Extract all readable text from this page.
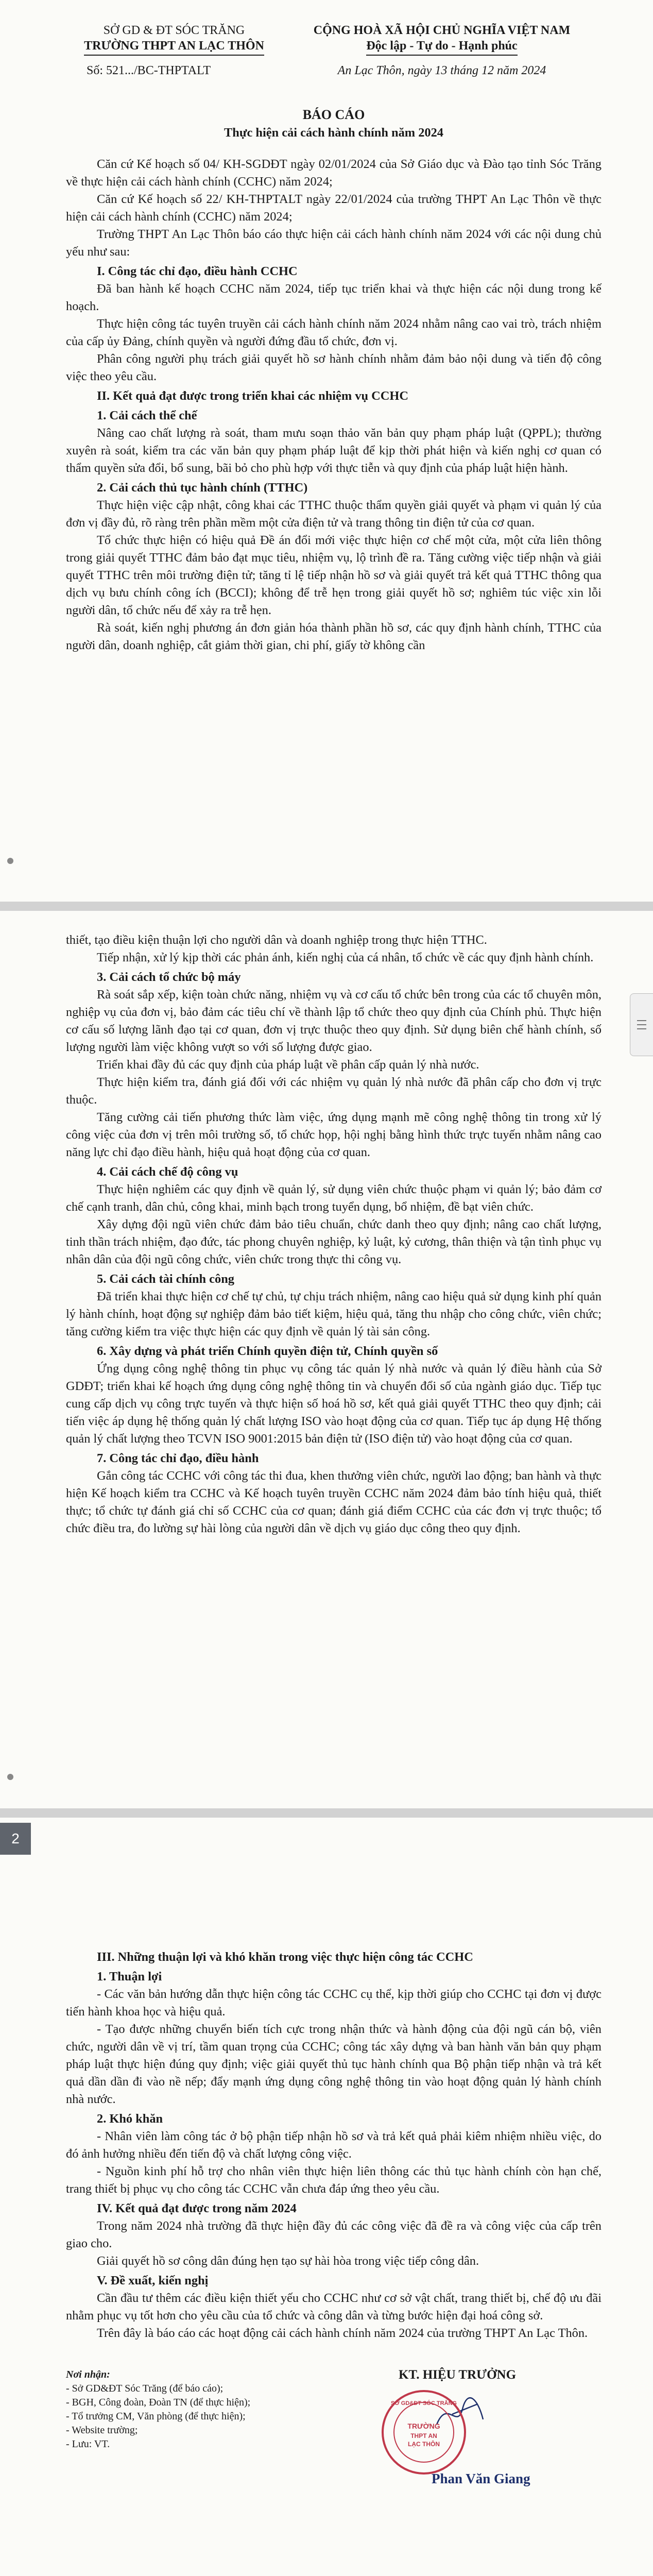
SỞ GD & ĐT SÓC TRĂNG
TRƯỜNG THPT AN LẠC THÔN
Số: 521.../BC-THPTALT
CỘNG HOÀ XÃ HỘI CHỦ NGHĨA VIỆT NAM
Độc lập - Tự do - Hạnh phúc
An Lạc Thôn, ngày 13 tháng 12 năm 2024
BÁO CÁO
Thực hiện cải cách hành chính năm 2024
Căn cứ Kế hoạch số 04/ KH-SGDĐT ngày 02/01/2024 của Sở Giáo dục và Đào tạo tỉnh Sóc Trăng về thực hiện cải cách hành chính (CCHC) năm 2024;
Căn cứ Kế hoạch số 22/ KH-THPTALT ngày 22/01/2024 của trường THPT An Lạc Thôn về thực hiện cải cách hành chính (CCHC) năm 2024;
Trường THPT An Lạc Thôn báo cáo thực hiện cải cách hành chính năm 2024 với các nội dung chủ yếu như sau:
I. Công tác chỉ đạo, điều hành CCHC
Đã ban hành kế hoạch CCHC năm 2024, tiếp tục triển khai và thực hiện các nội dung trong kế hoạch.
Thực hiện công tác tuyên truyền cải cách hành chính năm 2024 nhằm nâng cao vai trò, trách nhiệm của cấp ủy Đảng, chính quyền và người đứng đầu tổ chức, đơn vị.
Phân công người phụ trách giải quyết hồ sơ hành chính nhằm đảm bảo nội dung và tiến độ công việc theo yêu cầu.
II. Kết quả đạt được trong triển khai các nhiệm vụ CCHC
1. Cải cách thể chế
Nâng cao chất lượng rà soát, tham mưu soạn thảo văn bản quy phạm pháp luật (QPPL); thường xuyên rà soát, kiểm tra các văn bản quy phạm pháp luật để kịp thời phát hiện và kiến nghị cơ quan có thẩm quyền sửa đổi, bổ sung, bãi bỏ cho phù hợp với thực tiễn và quy định của pháp luật hiện hành.
2. Cải cách thủ tục hành chính (TTHC)
Thực hiện việc cập nhật, công khai các TTHC thuộc thẩm quyền giải quyết và phạm vi quản lý của đơn vị đầy đủ, rõ ràng trên phần mềm một cửa điện tử và trang thông tin điện tử của cơ quan.
Tổ chức thực hiện có hiệu quả Đề án đổi mới việc thực hiện cơ chế một cửa, một cửa liên thông trong giải quyết TTHC đảm bảo đạt mục tiêu, nhiệm vụ, lộ trình đề ra. Tăng cường việc tiếp nhận và giải quyết TTHC trên môi trường điện tử; tăng tỉ lệ tiếp nhận hồ sơ và giải quyết trả kết quả TTHC thông qua dịch vụ bưu chính công ích (BCCI); không để trễ hẹn trong giải quyết hồ sơ; nghiêm túc việc xin lỗi người dân, tổ chức nếu để xảy ra trễ hẹn.
Rà soát, kiến nghị phương án đơn giản hóa thành phần hồ sơ, các quy định hành chính, TTHC của người dân, doanh nghiệp, cắt giảm thời gian, chi phí, giấy tờ không cần
thiết, tạo điều kiện thuận lợi cho người dân và doanh nghiệp trong thực hiện TTHC.
Tiếp nhận, xử lý kịp thời các phản ánh, kiến nghị của cá nhân, tổ chức về các quy định hành chính.
3. Cải cách tổ chức bộ máy
Rà soát sắp xếp, kiện toàn chức năng, nhiệm vụ và cơ cấu tổ chức bên trong của các tổ chuyên môn, nghiệp vụ của đơn vị, bảo đảm các tiêu chí về thành lập tổ chức theo quy định của Chính phủ. Thực hiện cơ cấu số lượng lãnh đạo tại cơ quan, đơn vị trực thuộc theo quy định. Sử dụng biên chế hành chính, số lượng người làm việc không vượt so với số lượng được giao.
Triển khai đầy đủ các quy định của pháp luật về phân cấp quản lý nhà nước.
Thực hiện kiểm tra, đánh giá đối với các nhiệm vụ quản lý nhà nước đã phân cấp cho đơn vị trực thuộc.
Tăng cường cải tiến phương thức làm việc, ứng dụng mạnh mẽ công nghệ thông tin trong xử lý công việc của đơn vị trên môi trường số, tổ chức họp, hội nghị bằng hình thức trực tuyến nhằm nâng cao năng lực chỉ đạo điều hành, hiệu quả hoạt động của cơ quan.
4. Cải cách chế độ công vụ
Thực hiện nghiêm các quy định về quản lý, sử dụng viên chức thuộc phạm vi quản lý; bảo đảm cơ chế cạnh tranh, dân chủ, công khai, minh bạch trong tuyển dụng, bổ nhiệm, đề bạt viên chức.
Xây dựng đội ngũ viên chức đảm bảo tiêu chuẩn, chức danh theo quy định; nâng cao chất lượng, tinh thần trách nhiệm, đạo đức, tác phong chuyên nghiệp, kỷ luật, kỷ cương, thân thiện và tận tình phục vụ nhân dân của đội ngũ công chức, viên chức trong thực thi công vụ.
5. Cải cách tài chính công
Đã triển khai thực hiện cơ chế tự chủ, tự chịu trách nhiệm, nâng cao hiệu quả sử dụng kinh phí quản lý hành chính, hoạt động sự nghiệp đảm bảo tiết kiệm, hiệu quả, tăng thu nhập cho công chức, viên chức; tăng cường kiểm tra việc thực hiện các quy định về quản lý tài sản công.
6. Xây dựng và phát triển Chính quyền điện tử, Chính quyền số
Ứng dụng công nghệ thông tin phục vụ công tác quản lý nhà nước và quản lý điều hành của Sở GDĐT; triển khai kế hoạch ứng dụng công nghệ thông tin và chuyển đổi số của ngành giáo dục. Tiếp tục cung cấp dịch vụ công trực tuyến và thực hiện số hoá hồ sơ, kết quả giải quyết TTHC theo quy định; cải tiến việc áp dụng hệ thống quản lý chất lượng ISO vào hoạt động của cơ quan. Tiếp tục áp dụng Hệ thống quản lý chất lượng theo TCVN ISO 9001:2015 bản điện tử (ISO điện tử) vào hoạt động của cơ quan.
7. Công tác chỉ đạo, điều hành
Gắn công tác CCHC với công tác thi đua, khen thưởng viên chức, người lao động; ban hành và thực hiện Kế hoạch kiểm tra CCHC và Kế hoạch tuyên truyền CCHC năm 2024 đảm bảo tính hiệu quả, thiết thực; tổ chức tự đánh giá chỉ số CCHC của cơ quan; đánh giá điểm CCHC của các đơn vị trực thuộc; tổ chức điều tra, đo lường sự hài lòng của người dân về dịch vụ giáo dục công theo quy định.
III. Những thuận lợi và khó khăn trong việc thực hiện công tác CCHC
1. Thuận lợi
- Các văn bản hướng dẫn thực hiện công tác CCHC cụ thể, kịp thời giúp cho CCHC tại đơn vị được tiến hành khoa học và hiệu quả.
- Tạo được những chuyển biến tích cực trong nhận thức và hành động của đội ngũ cán bộ, viên chức, người dân về vị trí, tầm quan trọng của CCHC; công tác xây dựng và ban hành văn bản quy phạm pháp luật thực hiện đúng quy định; việc giải quyết thủ tục hành chính qua Bộ phận tiếp nhận và trả kết quả dần dần đi vào nề nếp; đẩy mạnh ứng dụng công nghệ thông tin vào hoạt động quản lý hành chính nhà nước.
2. Khó khăn
- Nhân viên làm công tác ở bộ phận tiếp nhận hồ sơ và trả kết quả phải kiêm nhiệm nhiều việc, do đó ảnh hưởng nhiều đến tiến độ và chất lượng công việc.
- Nguồn kinh phí hỗ trợ cho nhân viên thực hiện liên thông các thủ tục hành chính còn hạn chế, trang thiết bị phục vụ cho công tác CCHC vẫn chưa đáp ứng theo yêu cầu.
IV. Kết quả đạt được trong năm 2024
Trong năm 2024 nhà trường đã thực hiện đầy đủ các công việc đã đề ra và công việc của cấp trên giao cho.
Giải quyết hồ sơ công dân đúng hẹn tạo sự hài hòa trong việc tiếp công dân.
V. Đề xuất, kiến nghị
Cần đầu tư thêm các điều kiện thiết yếu cho CCHC như cơ sở vật chất, trang thiết bị, chế độ ưu đãi nhằm phục vụ tốt hơn cho yêu cầu của tổ chức và công dân và từng bước hiện đại hoá công sở.
Trên đây là báo cáo các hoạt động cải cách hành chính năm 2024 của trường THPT An Lạc Thôn.
Nơi nhận:
- Sở GD&ĐT Sóc Trăng (để báo cáo);
- BGH, Công đoàn, Đoàn TN (để thực hiện);
- Tổ trưởng CM, Văn phòng (để thực hiện);
- Website trường;
- Lưu: VT.
KT. HIỆU TRƯỞNG
TRƯỜNG
THPT AN
LẠC THÔN
SỞ GD&ĐT SÓC TRĂNG
Phan Văn Giang
2
